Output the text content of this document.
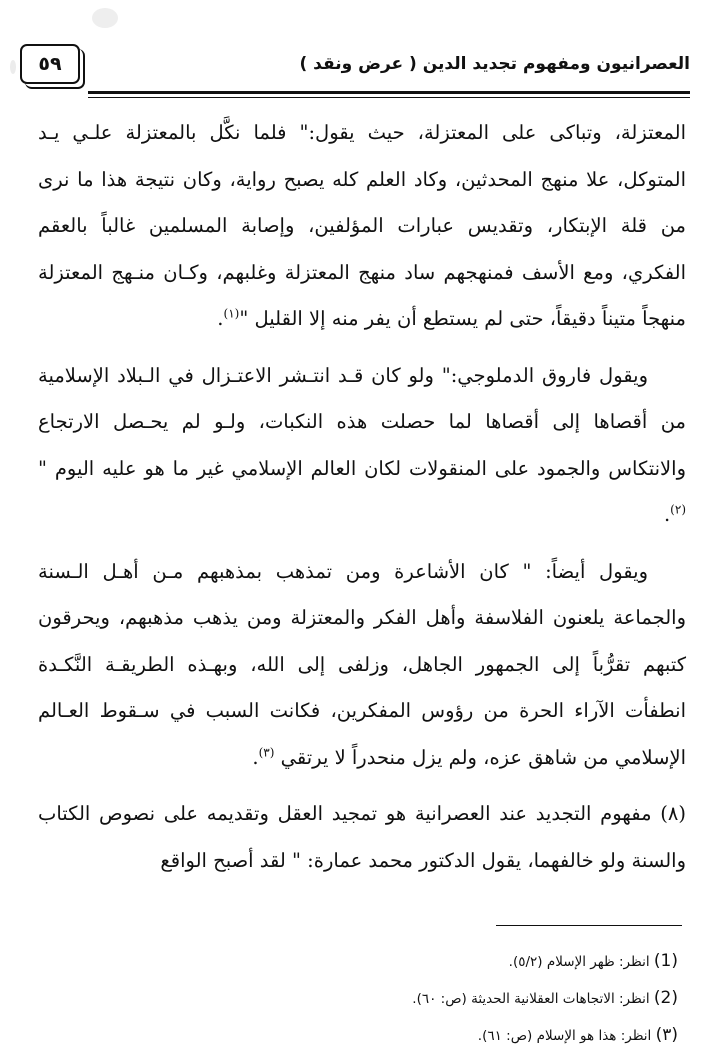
٥٩	العصرانيون ومفهوم تجديد الدين ( عرض ونقد )

المعتزلة، وتباكى على المعتزلة، حيث يقول:" فلما نكَّل بالمعتزلة علـي يـد المتوكل، علا منهج المحدثين، وكاد العلم كله يصبح رواية، وكان نتيجة هذا ما نرى من قلة الإبتكار، وتقديس عبارات المؤلفين، وإصابة المسلمين غالباً بالعقم الفكري، ومع الأسف فمنهجهم ساد منهج المعتزلة وغلبهم، وكـان منـهج المعتزلة منهجاً متيناً دقيقاً، حتى لم يستطع أن يفر منه إلا القليل "$^{(١)}$.

ويقول فاروق الدملوجي:" ولو كان قـد انتـشر الاعتـزال في الـبلاد الإسلامية من أقصاها إلى أقصاها لما حصلت هذه النكبات، ولـو لم يحـصل الارتجاع والانتكاس والجمود على المنقولات لكان العالم الإسلامي غير ما هو عليه اليوم "$^{(٢)}$.

ويقول أيضاً: " كان الأشاعرة ومن تمذهب بمذهبهم مـن أهـل الـسنة والجماعة يلعنون الفلاسفة وأهل الفكر والمعتزلة ومن يذهب مذهبهم، ويحرقون كتبهم تقرُّباً إلى الجمهور الجاهل، وزلفى إلى الله، وبهـذه الطريقـة النَّكـدة انطفأت الآراء الحرة من رؤوس المفكرين، فكانت السبب في سـقوط العـالم الإسلامي من شاهق عزه، ولم يزل منحدراً لا يرتقي $^{(٣)}$.

(٨) مفهوم التجديد عند العصرانية هو تمجيد العقل وتقديمه على نصوص الكتاب والسنة ولو خالفهما، يقول الدكتور محمد عمارة: " لقد أصبح الواقع

(1) انظر: ظهر الإسلام (٥/٢).
(2) انظر: الاتجاهات العقلانية الحديثة (ص: ٦٠).
(٣) انظر: هذا هو الإسلام (ص: ٦١).
